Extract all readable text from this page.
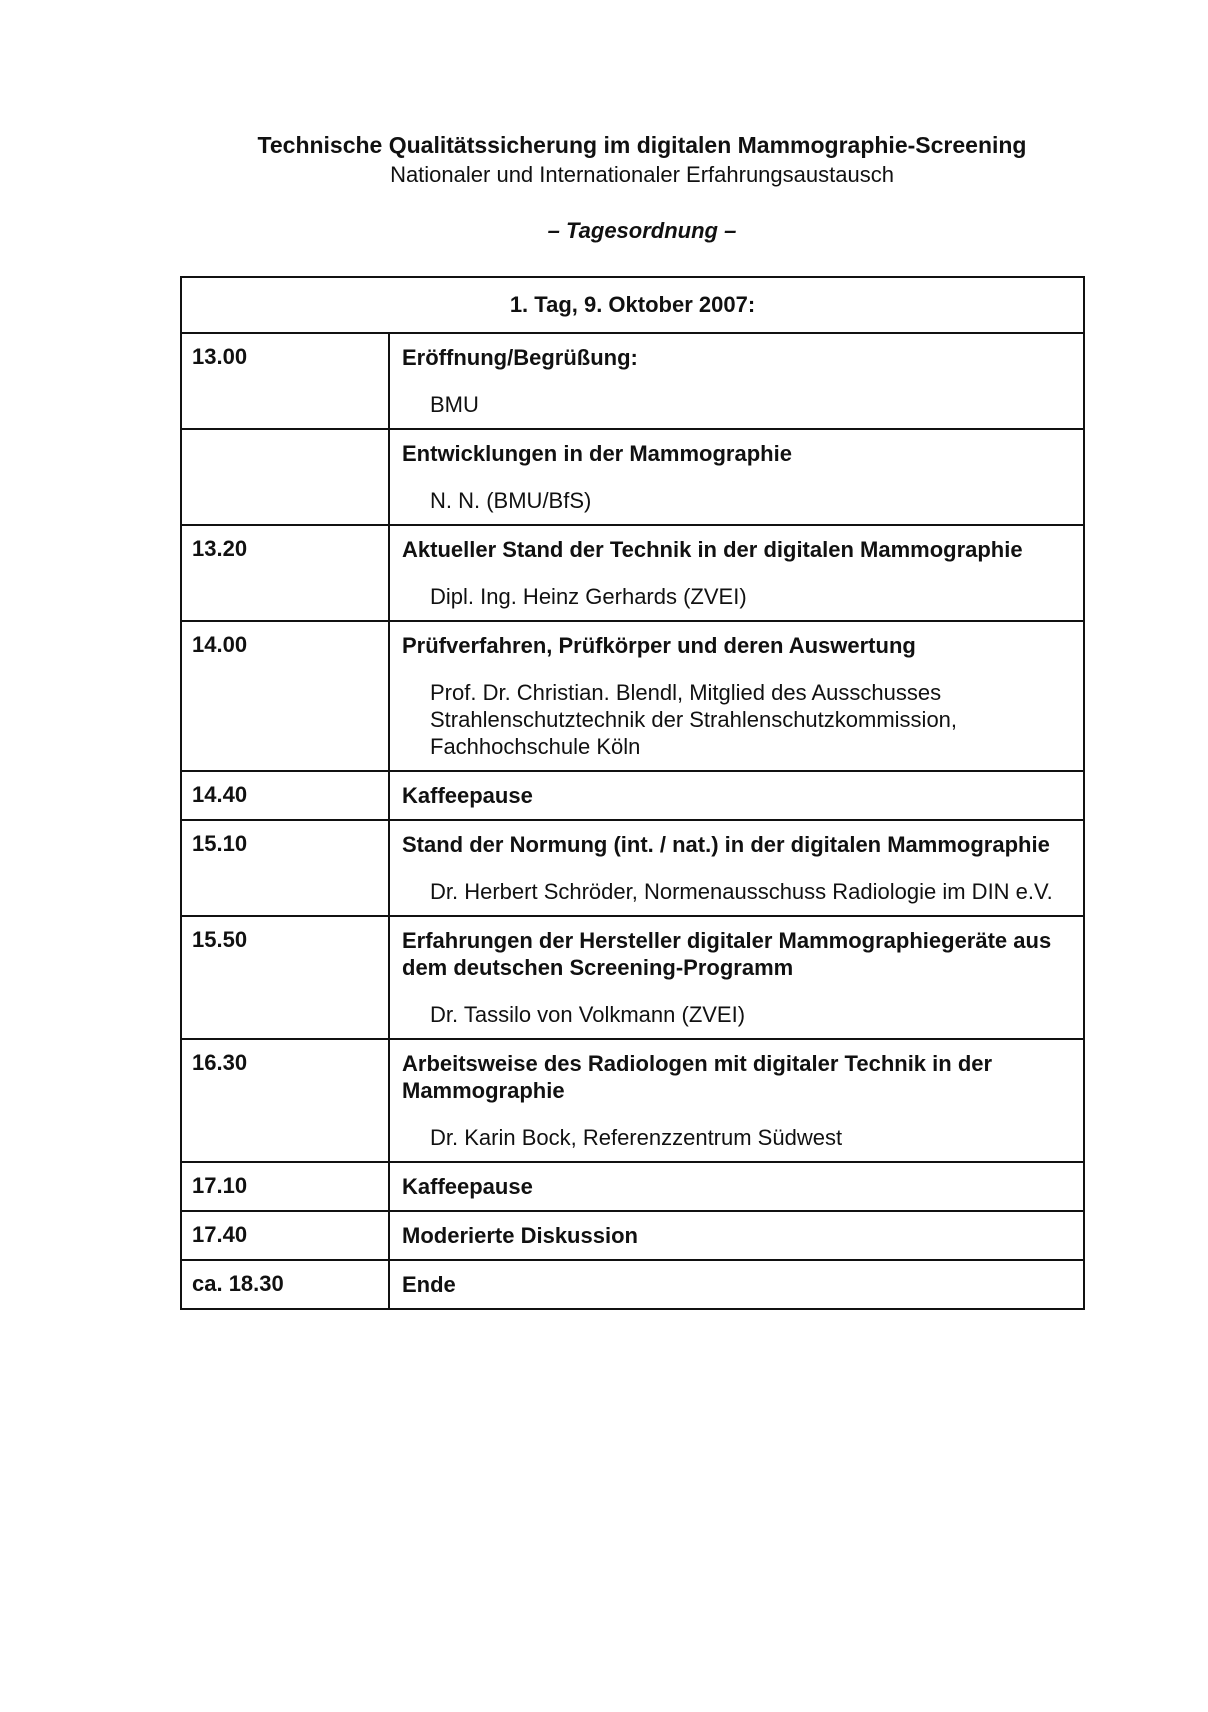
Technische Qualitätssicherung im digitalen Mammographie-Screening
Nationaler und Internationaler Erfahrungsaustausch
– Tagesordnung –
1. Tag, 9. Oktober 2007:	
13.00	Eröffnung/Begrüßung:
BMU

	Entwicklungen in der Mammographie
N. N. (BMU/BfS)

13.20	Aktueller Stand der Technik in der digitalen Mammographie
Dipl. Ing. Heinz Gerhards (ZVEI)

14.00	Prüfverfahren, Prüfkörper und deren Auswertung
Prof. Dr. Christian. Blendl, Mitglied des Ausschusses Strahlenschutztechnik der Strahlenschutzkommission, Fachhochschule Köln

14.40	Kaffeepause

15.10	Stand der Normung (int. / nat.) in der digitalen Mammographie
Dr. Herbert Schröder, Normenausschuss Radiologie im DIN e.V.

15.50	Erfahrungen der Hersteller digitaler Mammographiegeräte aus dem deutschen Screening-Programm
Dr. Tassilo von Volkmann (ZVEI)

16.30	Arbeitsweise des Radiologen mit digitaler Technik in der Mammographie
Dr. Karin Bock, Referenzzentrum Südwest

17.10	Kaffeepause

17.40	Moderierte Diskussion

ca. 18.30	Ende
